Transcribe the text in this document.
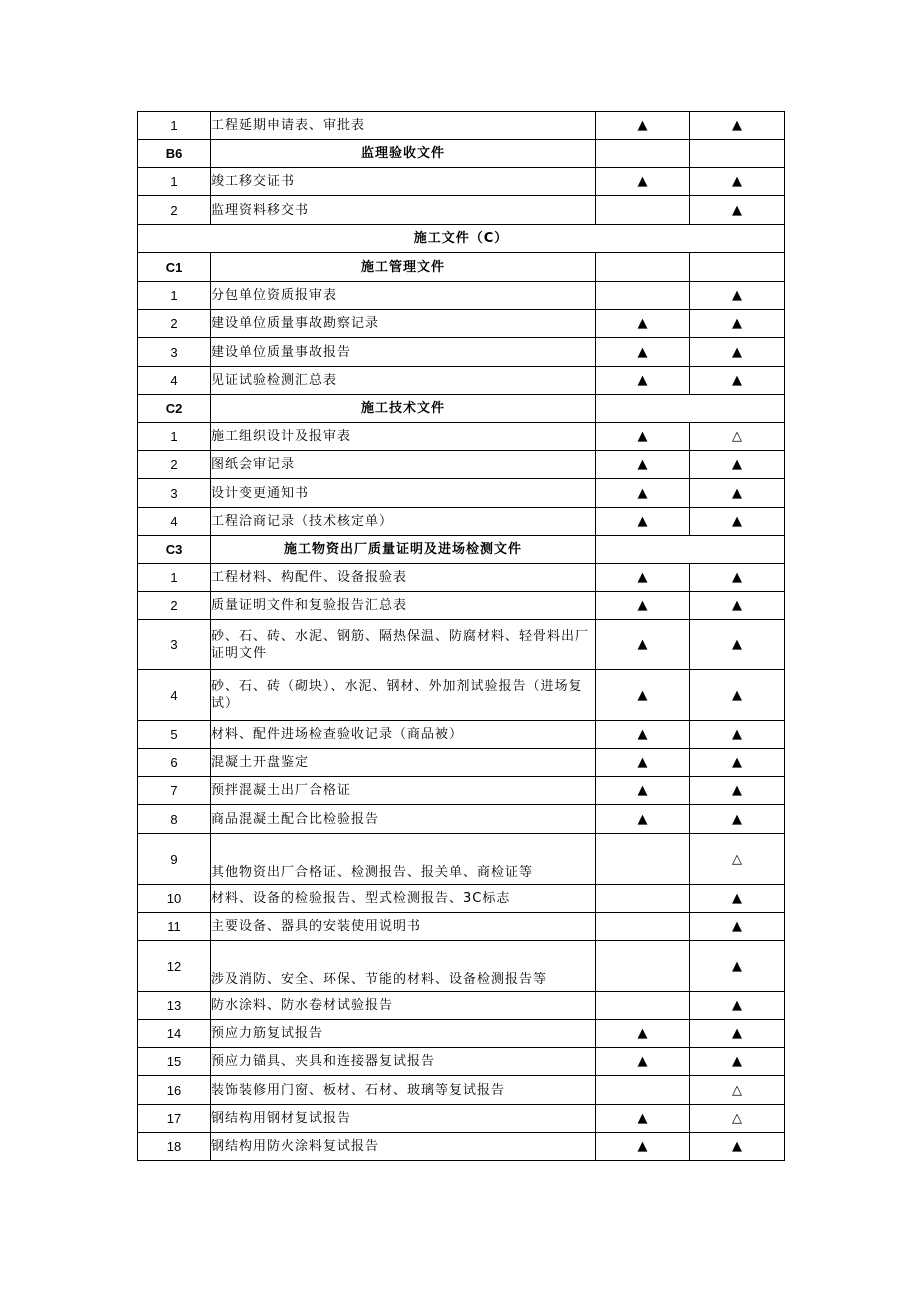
1	工程延期申请表、审批表	▲	▲
B6	监理验收文件		
1	竣工移交证书	▲	▲
2	监理资料移交书		▲
施工文件（C）			
C1	施工管理文件		
1	分包单位资质报审表		▲
2	建设单位质量事故勘察记录	▲	▲
3	建设单位质量事故报告	▲	▲
4	见证试验检测汇总表	▲	▲
C2	施工技术文件		
1	施工组织设计及报审表	▲	△
2	图纸会审记录	▲	▲
3	设计变更通知书	▲	▲
4	工程洽商记录（技术核定单）	▲	▲
C3	施工物资出厂质量证明及进场检测文件		
1	工程材料、构配件、设备报验表	▲	▲
2	质量证明文件和复验报告汇总表	▲	▲
3	砂、石、砖、水泥、钢筋、隔热保温、防腐材料、轻骨料出厂证明文件	▲	▲
4	砂、石、砖（砌块）、水泥、钢材、外加剂试验报告（进场复试）	▲	▲
5	材料、配件进场检查验收记录（商品被）	▲	▲
6	混凝土开盘鉴定	▲	▲
7	预拌混凝土出厂合格证	▲	▲
8	商品混凝土配合比检验报告	▲	▲
9	其他物资出厂合格证、检测报告、报关单、商检证等		△
10	材料、设备的检验报告、型式检测报告、3C标志		▲
11	主要设备、器具的安装使用说明书		▲
12	涉及消防、安全、环保、节能的材料、设备检测报告等		▲
13	防水涂料、防水卷材试验报告		▲
14	预应力筋复试报告	▲	▲
15	预应力锚具、夹具和连接器复试报告	▲	▲
16	装饰装修用门窗、板材、石材、玻璃等复试报告		△
17	钢结构用钢材复试报告	▲	△
18	钢结构用防火涂料复试报告	▲	▲
